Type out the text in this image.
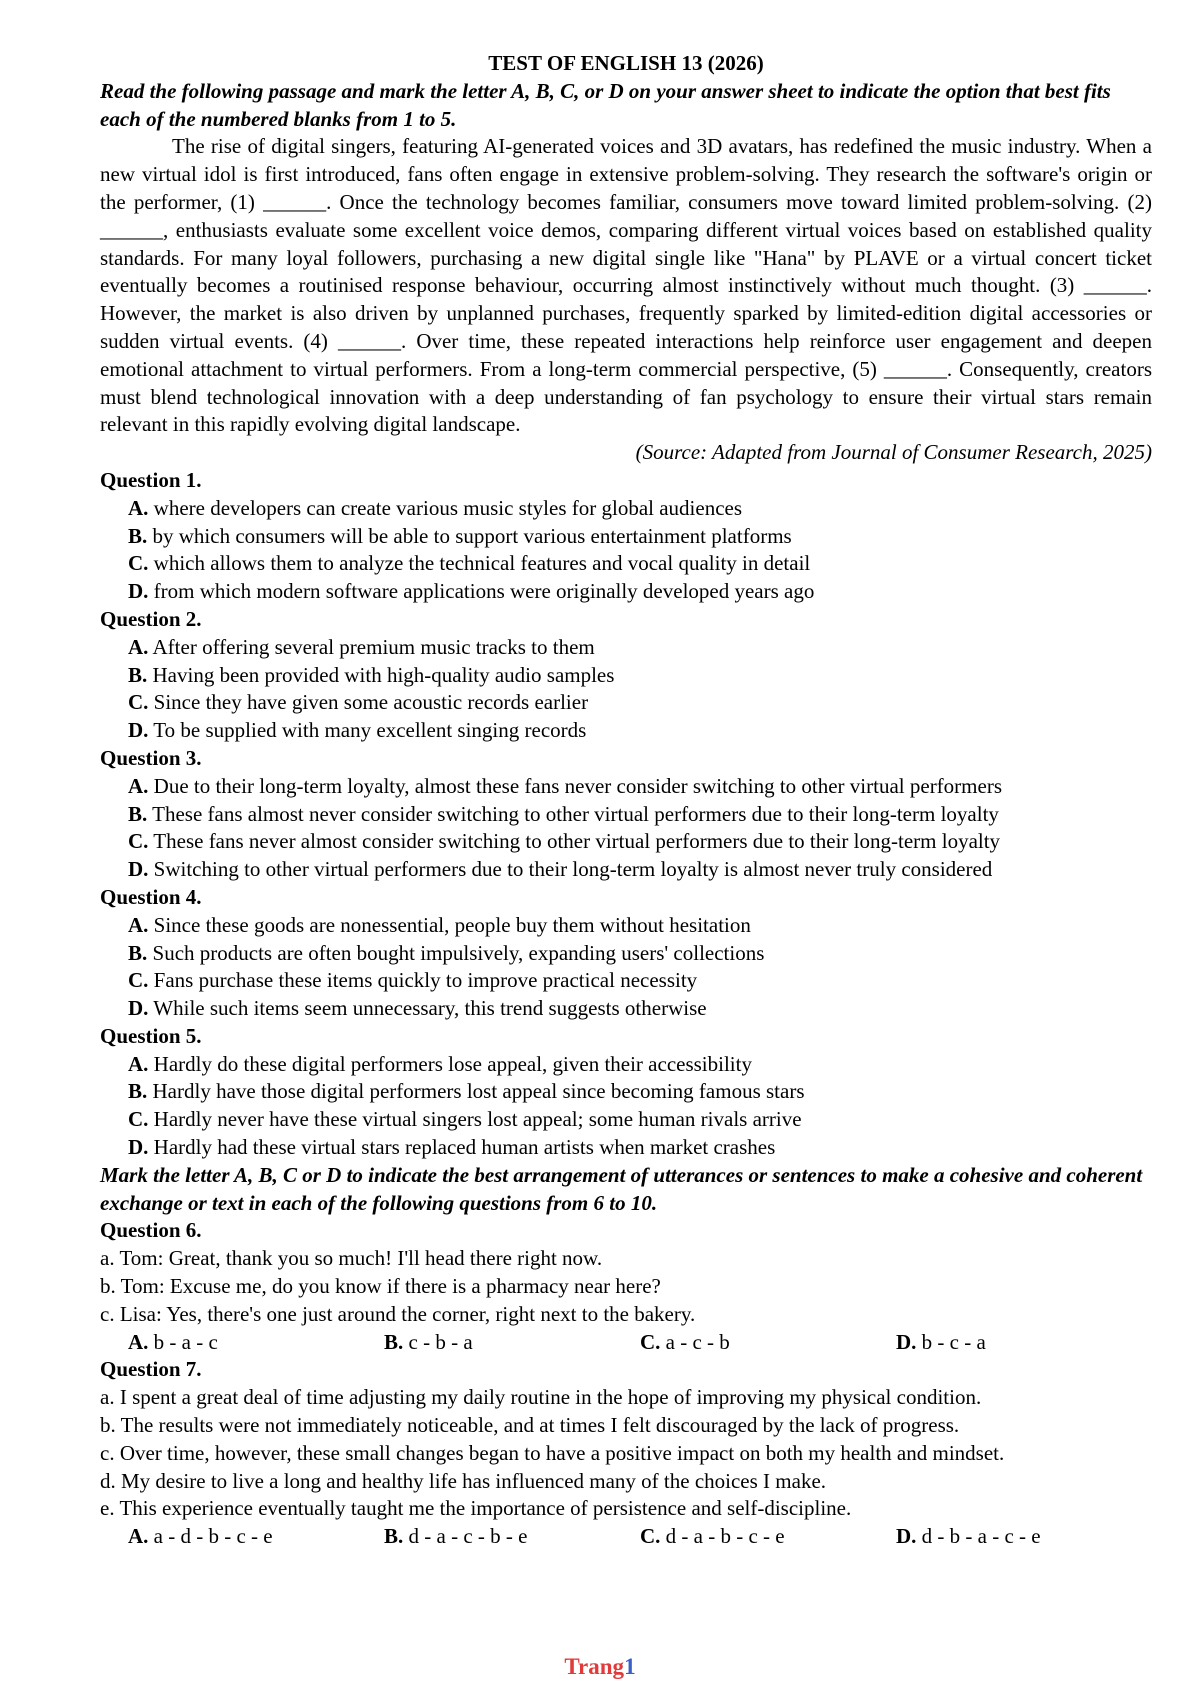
TEST OF ENGLISH 13 (2026)
Read the following passage and mark the letter A, B, C, or D on your answer sheet to indicate the option that best fits each of the numbered blanks from 1 to 5.
The rise of digital singers, featuring AI-generated voices and 3D avatars, has redefined the music industry. When a new virtual idol is first introduced, fans often engage in extensive problem-solving. They research the software's origin or the performer, (1) ______. Once the technology becomes familiar, consumers move toward limited problem-solving. (2) ______, enthusiasts evaluate some excellent voice demos, comparing different virtual voices based on established quality standards. For many loyal followers, purchasing a new digital single like "Hana" by PLAVE or a virtual concert ticket eventually becomes a routinised response behaviour, occurring almost instinctively without much thought. (3) ______. However, the market is also driven by unplanned purchases, frequently sparked by limited-edition digital accessories or sudden virtual events. (4) ______. Over time, these repeated interactions help reinforce user engagement and deepen emotional attachment to virtual performers. From a long-term commercial perspective, (5) ______. Consequently, creators must blend technological innovation with a deep understanding of fan psychology to ensure their virtual stars remain relevant in this rapidly evolving digital landscape.
(Source: Adapted from Journal of Consumer Research, 2025)
Question 1.
A. where developers can create various music styles for global audiences
B. by which consumers will be able to support various entertainment platforms
C. which allows them to analyze the technical features and vocal quality in detail
D. from which modern software applications were originally developed years ago
Question 2.
A. After offering several premium music tracks to them
B. Having been provided with high-quality audio samples
C. Since they have given some acoustic records earlier
D. To be supplied with many excellent singing records
Question 3.
A. Due to their long-term loyalty, almost these fans never consider switching to other virtual performers
B. These fans almost never consider switching to other virtual performers due to their long-term loyalty
C. These fans never almost consider switching to other virtual performers due to their long-term loyalty
D. Switching to other virtual performers due to their long-term loyalty is almost never truly considered
Question 4.
A. Since these goods are nonessential, people buy them without hesitation
B. Such products are often bought impulsively, expanding users' collections
C. Fans purchase these items quickly to improve practical necessity
D. While such items seem unnecessary, this trend suggests otherwise
Question 5.
A. Hardly do these digital performers lose appeal, given their accessibility
B. Hardly have those digital performers lost appeal since becoming famous stars
C. Hardly never have these virtual singers lost appeal; some human rivals arrive
D. Hardly had these virtual stars replaced human artists when market crashes
Mark the letter A, B, C or D to indicate the best arrangement of utterances or sentences to make a cohesive and coherent exchange or text in each of the following questions from 6 to 10.
Question 6.
a. Tom: Great, thank you so much! I'll head there right now.
b. Tom: Excuse me, do you know if there is a pharmacy near here?
c. Lisa: Yes, there's one just around the corner, right next to the bakery.
A. b - a - c	B. c - b - a	C. a - c - b	D. b - c - a
Question 7.
a. I spent a great deal of time adjusting my daily routine in the hope of improving my physical condition.
b. The results were not immediately noticeable, and at times I felt discouraged by the lack of progress.
c. Over time, however, these small changes began to have a positive impact on both my health and mindset.
d. My desire to live a long and healthy life has influenced many of the choices I make.
e. This experience eventually taught me the importance of persistence and self-discipline.
A. a - d - b - c - e	B. d - a - c - b - e	C. d - a - b - c - e	D. d - b - a - c - e
Trang1
